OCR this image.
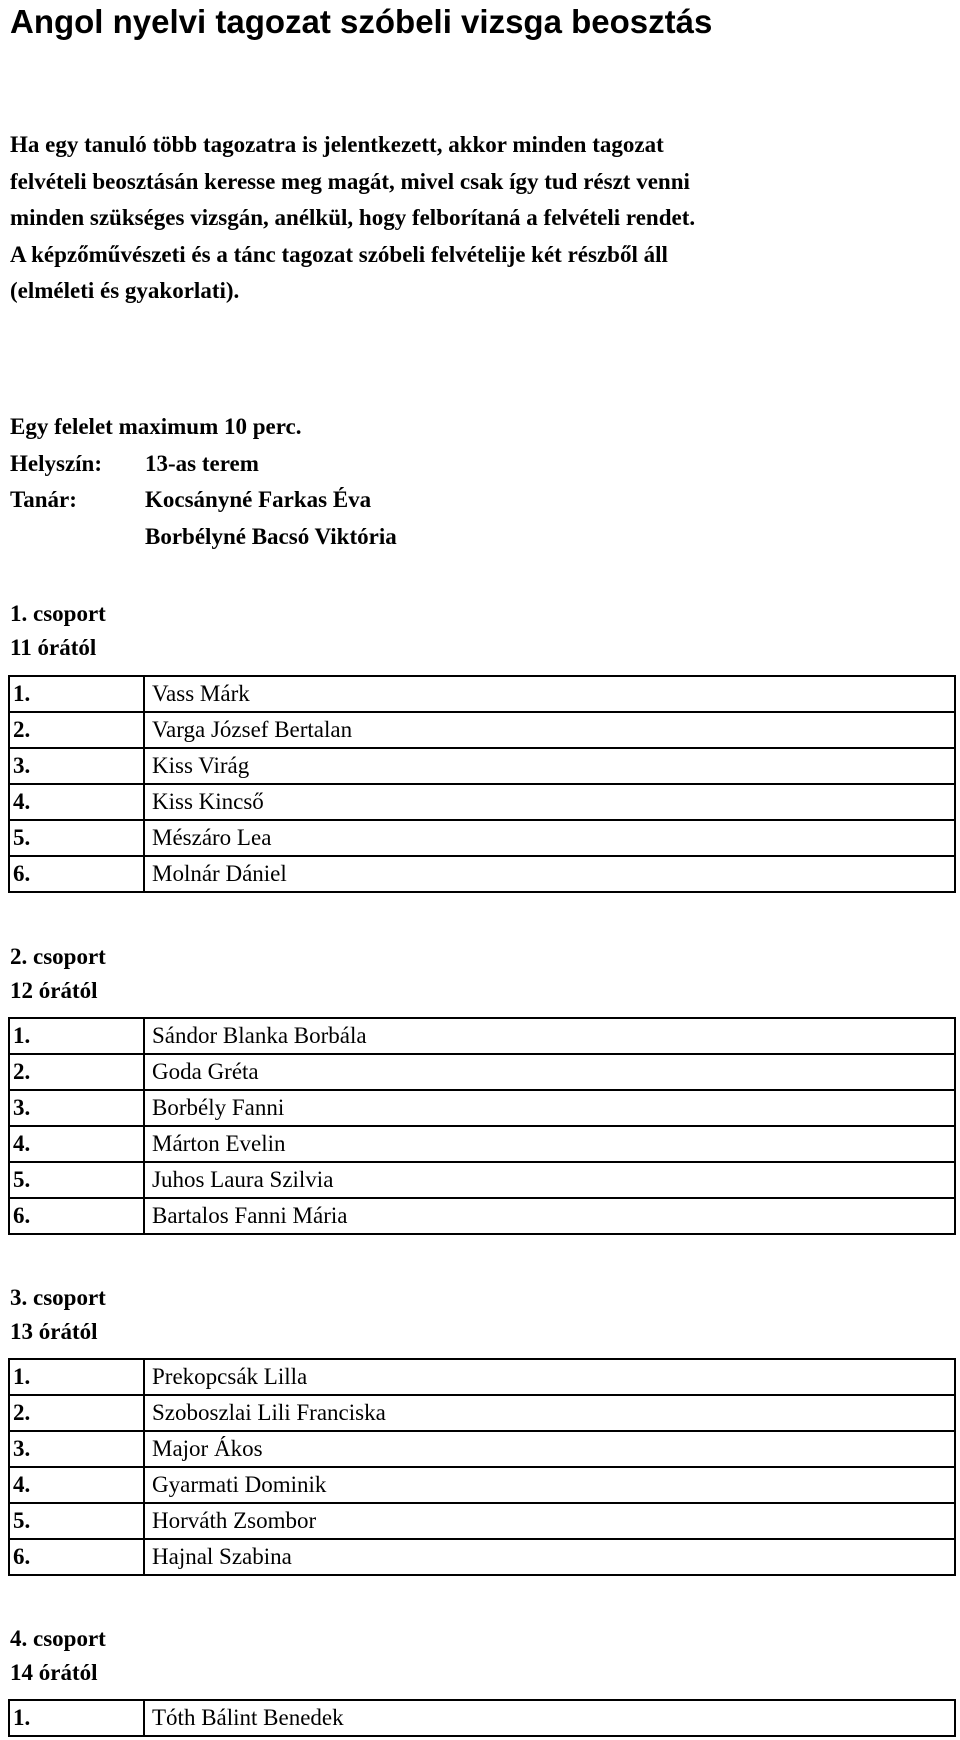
Angol nyelvi tagozat szóbeli vizsga beosztás
Ha egy tanuló több tagozatra is jelentkezett, akkor minden tagozat
felvételi beosztásán keresse meg magát, mivel csak így tud részt venni
minden szükséges vizsgán, anélkül, hogy felborítaná a felvételi rendet.
A képzőművészeti és a tánc tagozat szóbeli felvételije két részből áll
(elméleti és gyakorlati).
Egy felelet maximum 10 perc.
Helyszín:	13-as terem
Tanár:	Kocsányné Farkas Éva
Borbélyné Bacsó Viktória
1. csoport
11 órától
1.	Vass Márk
2.	Varga József Bertalan
3.	Kiss Virág
4.	Kiss Kincső
5.	Mészáro Lea
6.	Molnár Dániel
2. csoport
12 órától
1.	Sándor Blanka Borbála
2.	Goda Gréta
3.	Borbély Fanni
4.	Márton Evelin
5.	Juhos Laura Szilvia
6.	Bartalos Fanni Mária
3. csoport
13 órától
1.	Prekopcsák Lilla
2.	Szoboszlai Lili Franciska
3.	Major Ákos
4.	Gyarmati Dominik
5.	Horváth Zsombor
6.	Hajnal Szabina
4. csoport
14 órától
1.	Tóth Bálint Benedek
